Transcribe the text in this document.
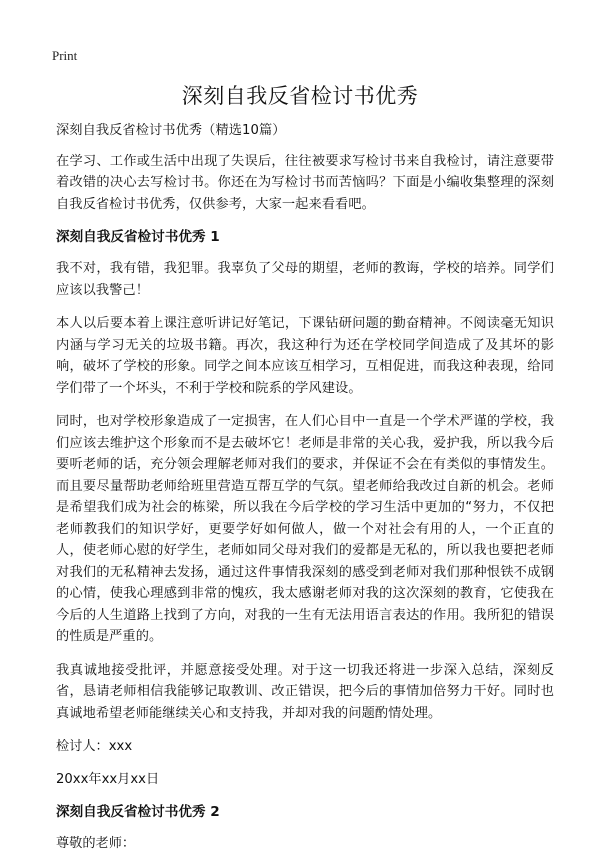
Print
深刻自我反省检讨书优秀

深刻自我反省检讨书优秀（精选10篇）

在学习、工作或生活中出现了失误后，往往被要求写检讨书来自我检讨，请注意要带着改错的决心去写检讨书。你还在为写检讨书而苦恼吗？下面是小编收集整理的深刻自我反省检讨书优秀，仅供参考，大家一起来看看吧。

深刻自我反省检讨书优秀 1

我不对，我有错，我犯罪。我辜负了父母的期望，老师的教诲，学校的培养。同学们应该以我警己！

本人以后要本着上课注意听讲记好笔记，下课钻研问题的勤奋精神。不阅读毫无知识内涵与学习无关的垃圾书籍。再次，我这种行为还在学校同学间造成了及其坏的影响，破坏了学校的形象。同学之间本应该互相学习，互相促进，而我这种表现，给同学们带了一个坏头，不利于学校和院系的学风建设。

同时，也对学校形象造成了一定损害，在人们心目中一直是一个学术严谨的学校，我们应该去维护这个形象而不是去破坏它！老师是非常的关心我，爱护我，所以我今后要听老师的话，充分领会理解老师对我们的要求，并保证不会在有类似的事情发生。而且要尽量帮助老师给班里营造互帮互学的气氛。望老师给我改过自新的机会。老师是希望我们成为社会的栋梁，所以我在今后学校的学习生活中更加的“努力，不仅把老师教我们的知识学好，更要学好如何做人，做一个对社会有用的人，一个正直的人，使老师心慰的好学生，老师如同父母对我们的爱都是无私的，所以我也要把老师对我们的无私精神去发扬，通过这件事情我深刻的感受到老师对我们那种恨铁不成钢的心情，使我心理感到非常的愧疚，我太感谢老师对我的这次深刻的教育，它使我在今后的人生道路上找到了方向，对我的一生有无法用语言表达的作用。我所犯的错误的性质是严重的。

我真诚地接受批评，并愿意接受处理。对于这一切我还将进一步深入总结，深刻反省，恳请老师相信我能够记取教训、改正错误，把今后的事情加倍努力干好。同时也真诚地希望老师能继续关心和支持我，并却对我的问题酌情处理。

检讨人：xxx
20xx年xx月xx日
深刻自我反省检讨书优秀 2
尊敬的老师：
